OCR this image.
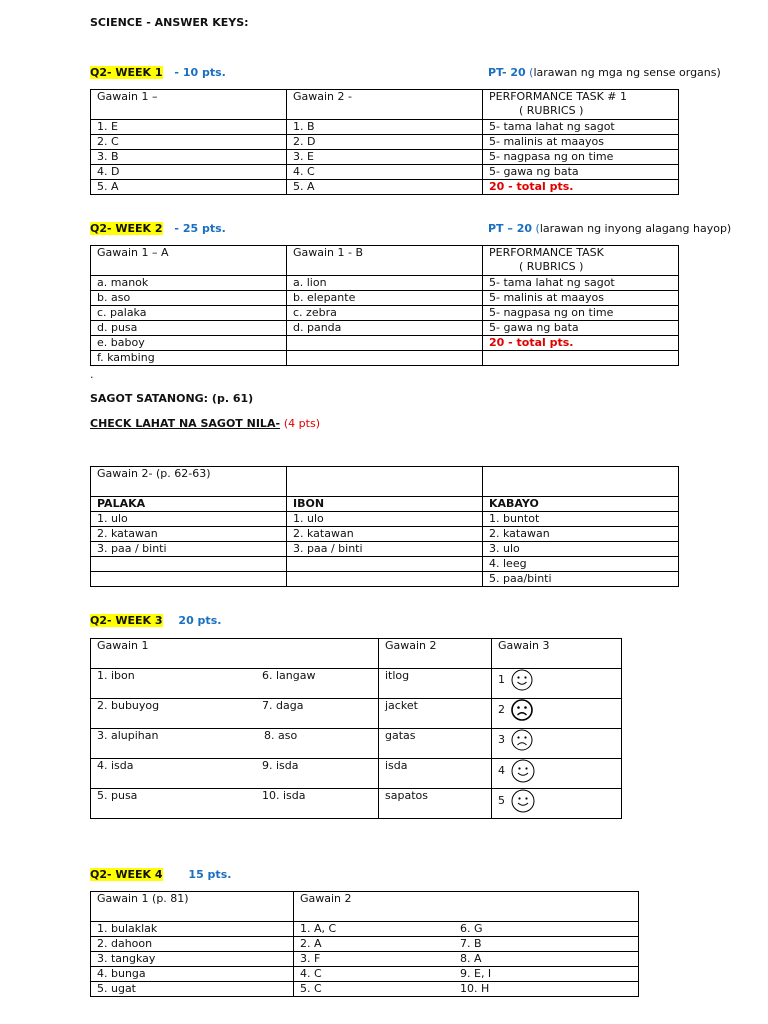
SCIENCE - ANSWER KEYS:
Q2- WEEK 1 - 10 pts.	PT- 20 (larawan ng mga ng sense organs)
Gawain 1 –	Gawain 2 -	PERFORMANCE TASK # 1
( RUBRICS )
1. E	1. B	5- tama lahat ng sagot
2. C	2. D	5- malinis at maayos
3. B	3. E	5- nagpasa ng on time
4. D	4. C	5- gawa ng bata
5. A	5. A	20 - total pts.
Q2- WEEK 2 - 25 pts.	PT – 20 (larawan ng inyong alagang hayop)
Gawain 1 – A	Gawain 1 - B	PERFORMANCE TASK
( RUBRICS )
a. manok	a. lion	5- tama lahat ng sagot
b. aso	b. elepante	5- malinis at maayos
c. palaka	c. zebra	5- nagpasa ng on time
d. pusa	d. panda	5- gawa ng bata
e. baboy		20 - total pts.
f. kambing		
.
SAGOT SATANONG: (p. 61)
CHECK LAHAT NA SAGOT NILA- (4 pts)
Gawain 2- (p. 62-63)		
PALAKA	IBON	KABAYO
1. ulo	1. ulo	1. buntot
2. katawan	2. katawan	2. katawan
3. paa / binti	3. paa / binti	3. ulo
		4. leeg
		5. paa/binti
Q2- WEEK 3 20 pts.
Gawain 1	Gawain 2	Gawain 3
1. ibon 6. langaw	itlog	1
2. bubuyog 7. daga	jacket	2
3. alupihan 8. aso	gatas	3
4. isda 9. isda	isda	4
5. pusa 10. isda	sapatos	5
Q2- WEEK 4 15 pts.
Gawain 1 (p. 81)	Gawain 2
1. bulaklak	1. A, C 6. G
2. dahoon	2. A 7. B
3. tangkay	3. F 8. A
4. bunga	4. C 9. E, I
5. ugat	5. C 10. H
